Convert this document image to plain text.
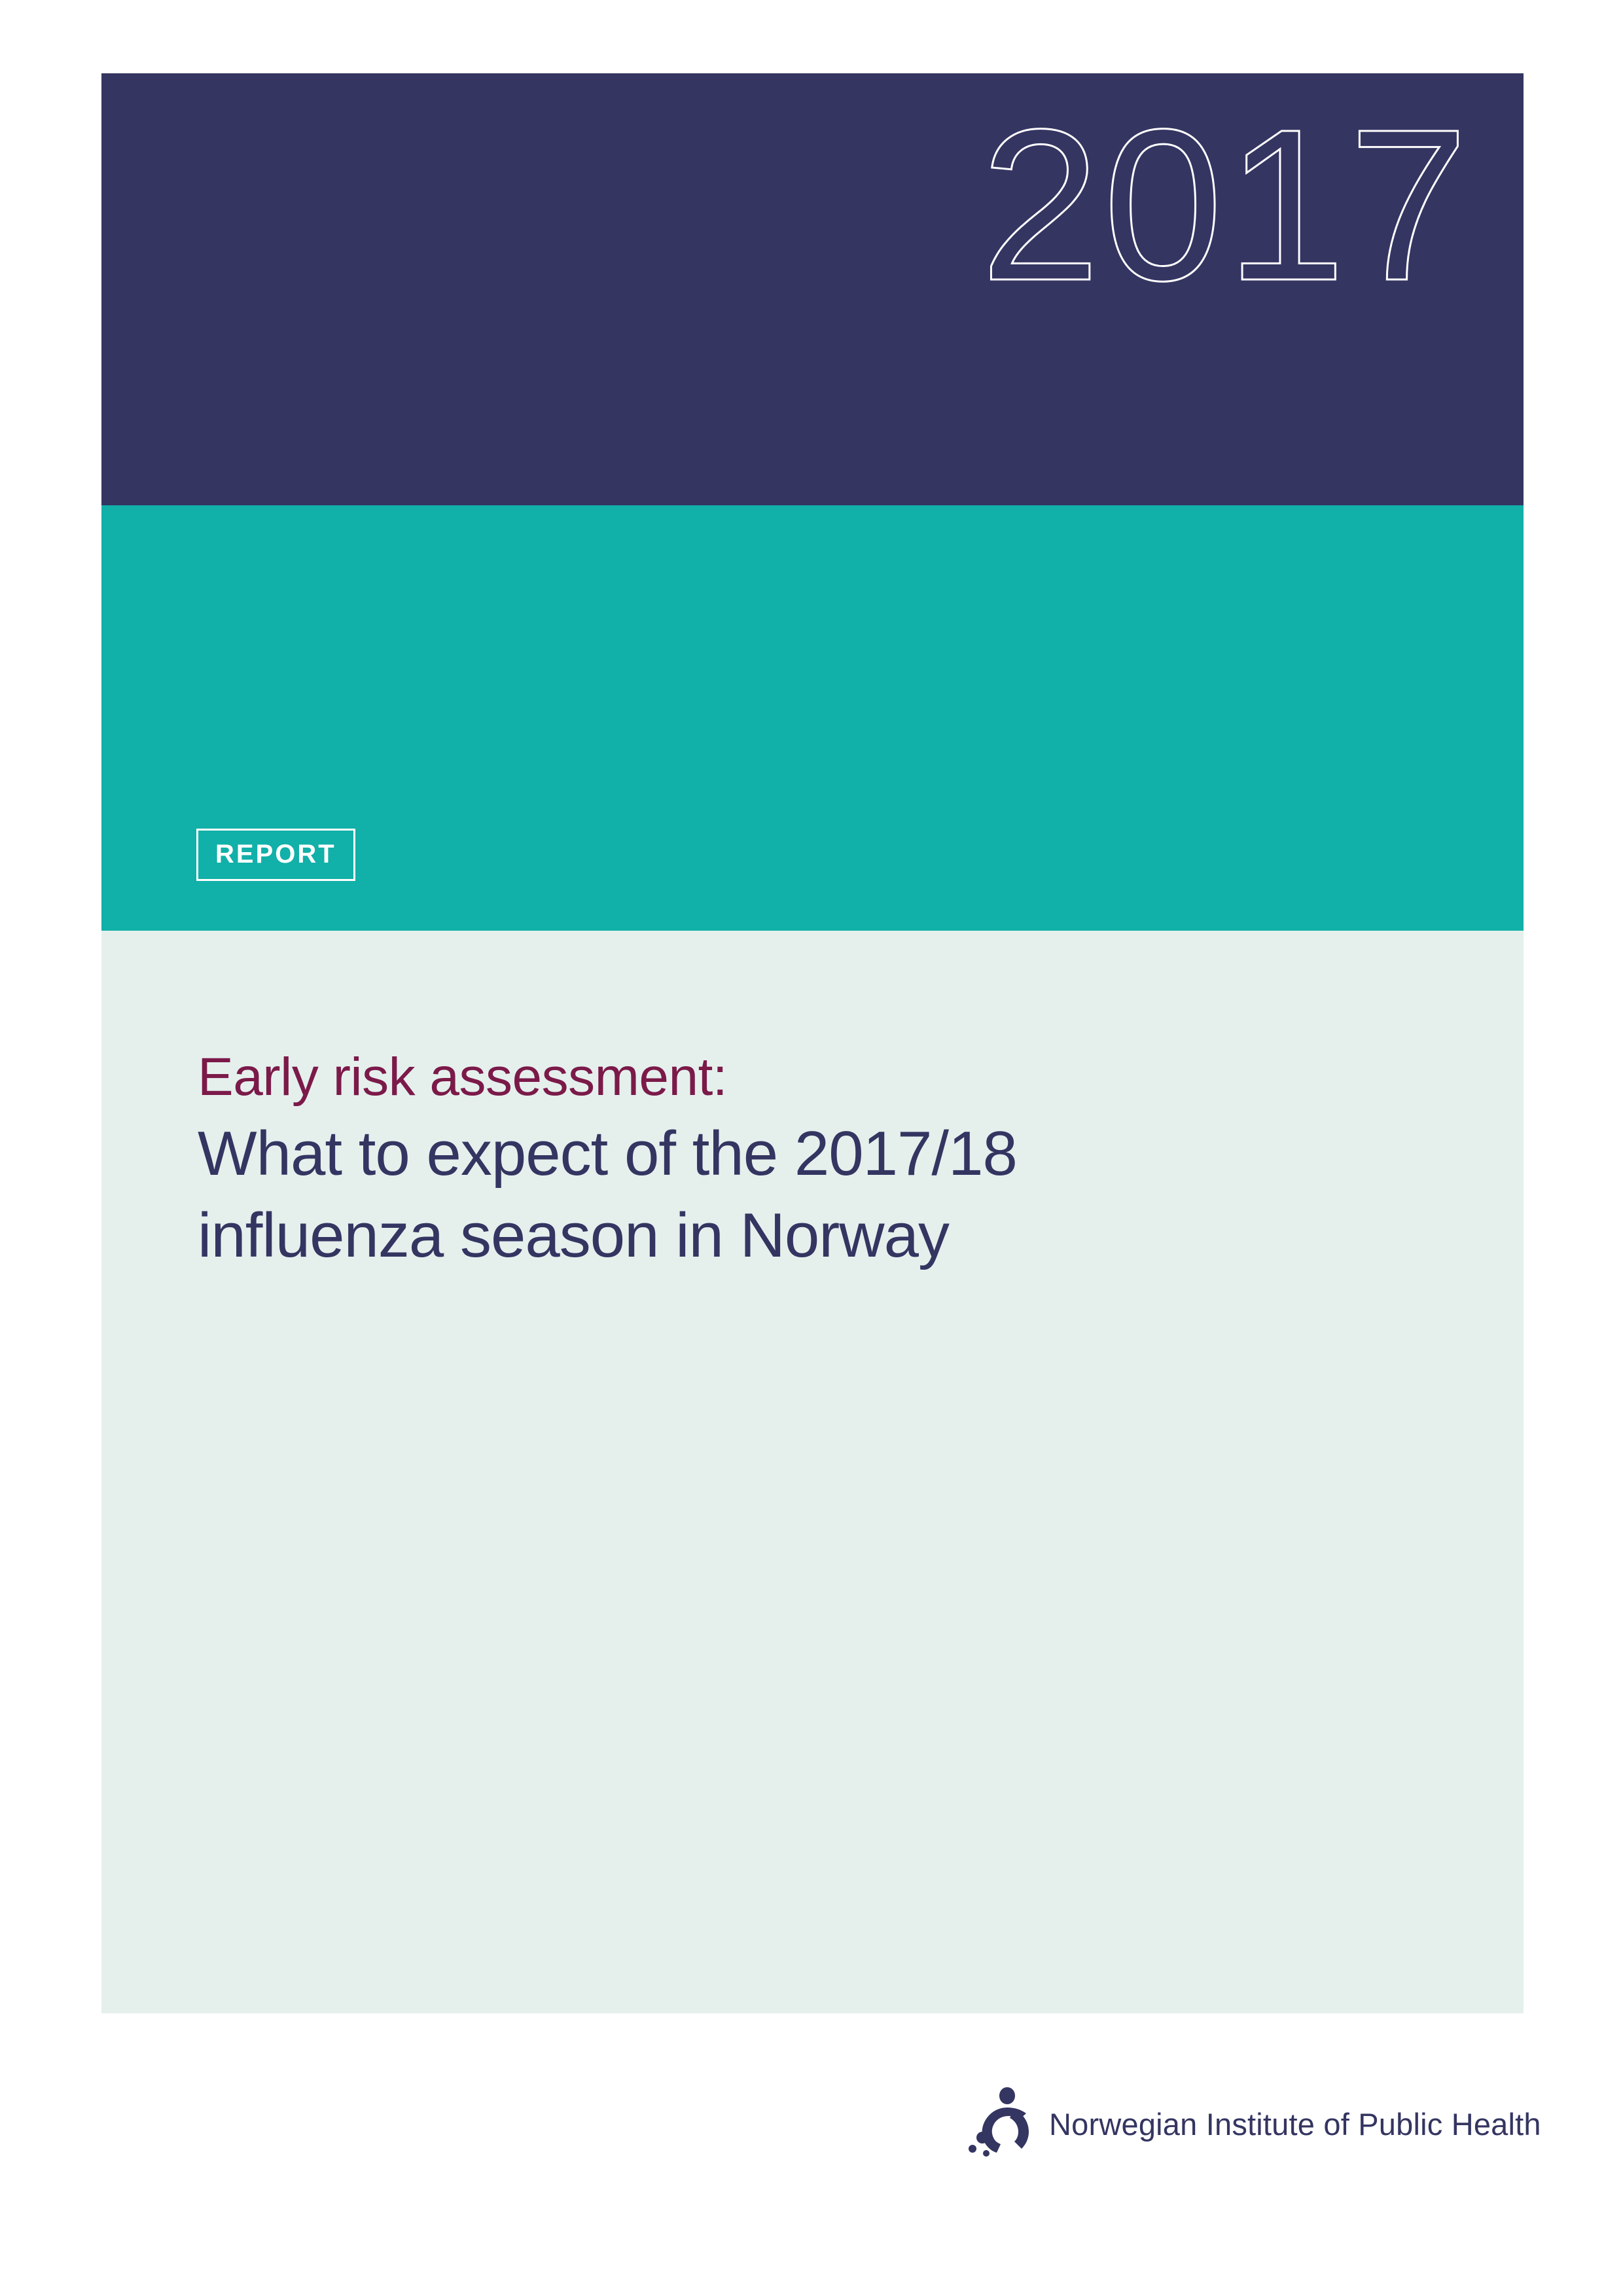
2017
REPORT
Early risk assessment:
What to expect of the 2017/18
influenza season in Norway
Norwegian Institute of Public Health
